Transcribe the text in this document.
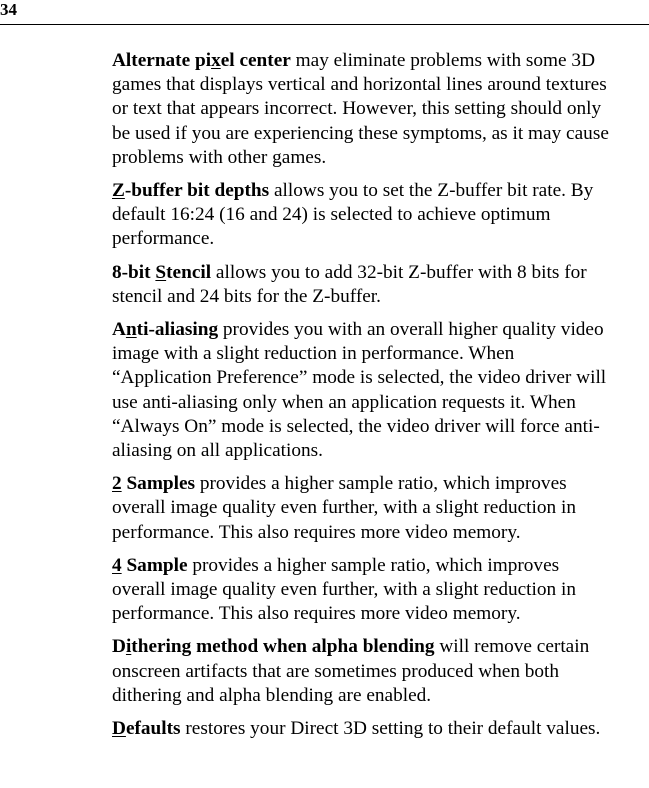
34

Alternate pixel center may eliminate problems with some 3D
games that displays vertical and horizontal lines around textures
or text that appears incorrect. However, this setting should only
be used if you are experiencing these symptoms, as it may cause
problems with other games.

Z-buffer bit depths allows you to set the Z-buffer bit rate. By
default 16:24 (16 and 24) is selected to achieve optimum
performance.

8-bit Stencil allows you to add 32-bit Z-buffer with 8 bits for
stencil and 24 bits for the Z-buffer.

Anti-aliasing provides you with an overall higher quality video
image with a slight reduction in performance. When
“Application Preference” mode is selected, the video driver will
use anti-aliasing only when an application requests it. When
“Always On” mode is selected, the video driver will force anti-
aliasing on all applications.

2 Samples provides a higher sample ratio, which improves
overall image quality even further, with a slight reduction in
performance. This also requires more video memory.

4 Sample provides a higher sample ratio, which improves
overall image quality even further, with a slight reduction in
performance. This also requires more video memory.

Dithering method when alpha blending will remove certain
onscreen artifacts that are sometimes produced when both
dithering and alpha blending are enabled.

Defaults restores your Direct 3D setting to their default values.
